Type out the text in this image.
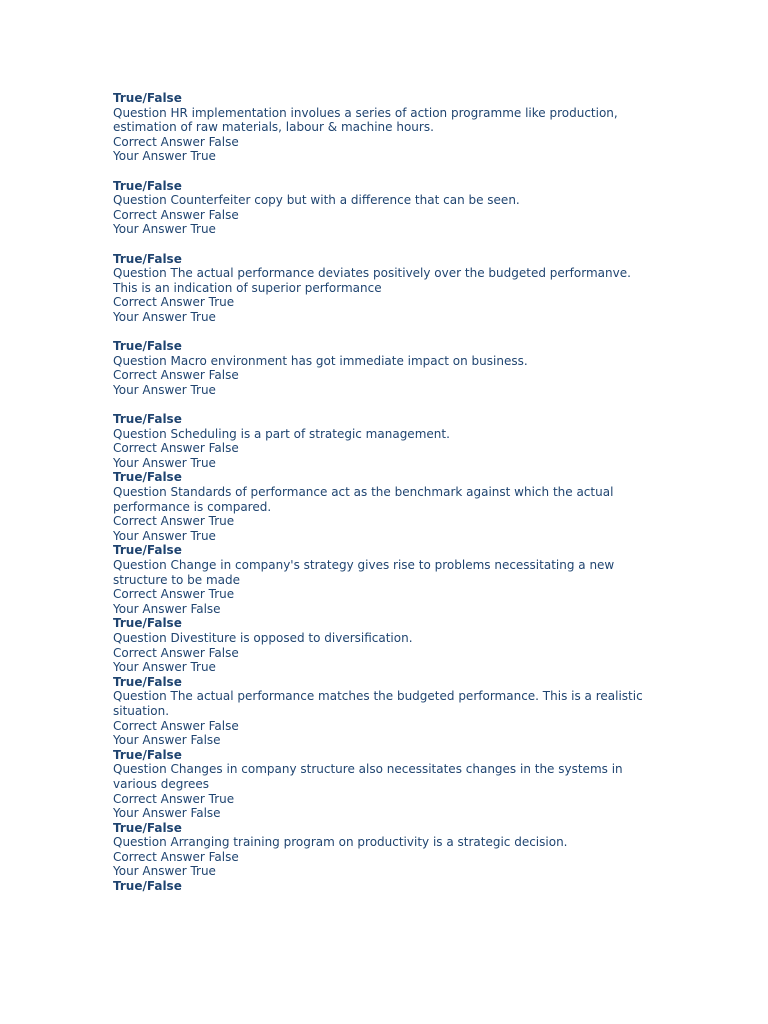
True/False
Question HR implementation involues a series of action programme like production, estimation of raw materials, labour & machine hours.
Correct Answer False
Your Answer True
True/False
Question Counterfeiter copy but with a difference that can be seen.
Correct Answer False
Your Answer True
True/False
Question The actual performance deviates positively over the budgeted performanve. This is an indication of superior performance
Correct Answer True
Your Answer True
True/False
Question Macro environment has got immediate impact on business.
Correct Answer False
Your Answer True
True/False
Question Scheduling is a part of strategic management.
Correct Answer False
Your Answer True
True/False
Question Standards of performance act as the benchmark against which the actual performance is compared.
Correct Answer True
Your Answer True
True/False
Question Change in company's strategy gives rise to problems necessitating a new structure to be made
Correct Answer True
Your Answer False
True/False
Question Divestiture is opposed to diversification.
Correct Answer False
Your Answer True
True/False
Question The actual performance matches the budgeted performance. This is a realistic situation.
Correct Answer False
Your Answer False
True/False
Question Changes in company structure also necessitates changes in the systems in various degrees
Correct Answer True
Your Answer False
True/False
Question Arranging training program on productivity is a strategic decision.
Correct Answer False
Your Answer True
True/False
